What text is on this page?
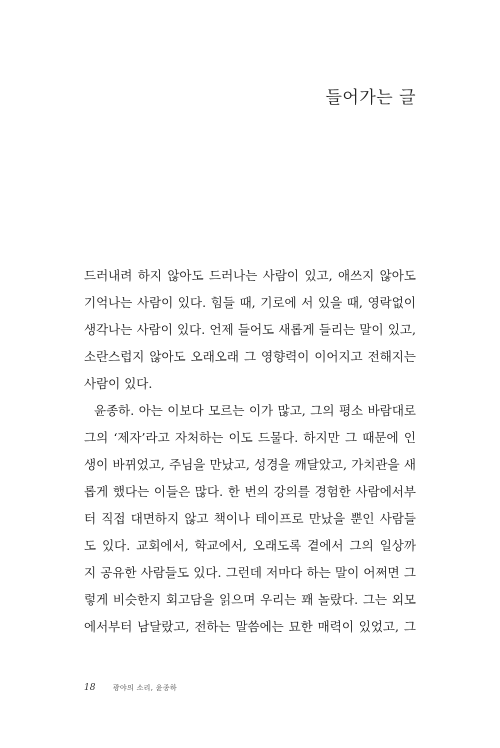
들어가는 글
드러내려 하지 않아도 드러나는 사람이 있고, 애쓰지 않아도
기억나는 사람이 있다. 힘들 때, 기로에 서 있을 때, 영락없이
생각나는 사람이 있다. 언제 들어도 새롭게 들리는 말이 있고,
소란스럽지 않아도 오래오래 그 영향력이 이어지고 전해지는
사람이 있다.
윤종하. 아는 이보다 모르는 이가 많고, 그의 평소 바람대로
그의 ‘제자’라고 자처하는 이도 드물다. 하지만 그 때문에 인
생이 바뀌었고, 주님을 만났고, 성경을 깨달았고, 가치관을 새
롭게 했다는 이들은 많다. 한 번의 강의를 경험한 사람에서부
터 직접 대면하지 않고 책이나 테이프로 만났을 뿐인 사람들
도 있다. 교회에서, 학교에서, 오래도록 곁에서 그의 일상까
지 공유한 사람들도 있다. 그런데 저마다 하는 말이 어쩌면 그
렇게 비슷한지 회고담을 읽으며 우리는 꽤 놀랐다. 그는 외모
에서부터 남달랐고, 전하는 말씀에는 묘한 매력이 있었고, 그
18 광야의 소리, 윤종하
